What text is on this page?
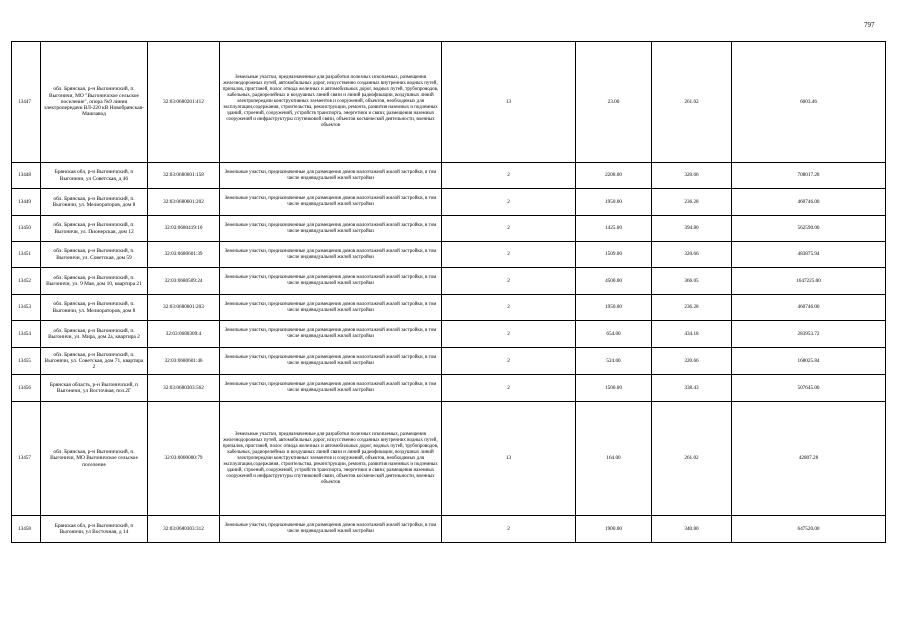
797
13447	обл. Брянская, р-н Выгоничский, п. Выгоничи, МО "Выгоничское сельское поселение", опора №9 линии электропередачи ВЛ-220 кВ Новобрянская-Машзавод	32:03:0680201:412	Земельные участки, предназначенные для разработки полезных ископаемых, размещения железнодорожных путей, автомобильных дорог, искусственно созданных внутренних водных путей, причалов, пристаней, полос отвода железных и автомобильных дорог, водных путей, трубопроводов, кабельных, радиорелейных и воздушных линий связи и линий радиофикации, воздушных линий электропередачи конструктивных элементов и сооружений, объектов, необходимых для эксплуатации,содержания, строительства, реконструкции, ремонта, развития наземных и подземных зданий, строений, сооружений, устройств транспорта, энергетики и связи; размещения наземных сооружений и инфраструктуры спутниковой связи, объектов космической деятельности, военных объектов	13	23.00	261.02	6003.46
13448	Брянская обл, р-н Выгоничский, п Выгоничи, ул Советская, д 46	32:03:0680601:158	Земельные участки, предназначенные для размещения домов малоэтажной жилой застройки, в том числе индивидуальной жилой застройки	2	2208.00	320.66	708017.28
13449	обл. Брянская, р-н Выгоничский, п. Выгоничи, ул. Мелиораторов, дом 8	32:03:0680601:202	Земельные участки, предназначенные для размещения домов малоэтажной жилой застройки, в том числе индивидуальной жилой застройки	2	1950.00	236.28	460746.00
13450	обл. Брянская, р-н Выгоничский, п. Выгоничи, ул. Пионерская, дом 12	32:03:0680419:10	Земельные участки, предназначенные для размещения домов малоэтажной жилой застройки, в том числе индивидуальной жилой застройки	2	1425.00	394.80	562590.00
13451	обл. Брянская, р-н Выгоничский, п. Выгоничи, ул. Советская, дом 59	32:03:0680601:39	Земельные участки, предназначенные для размещения домов малоэтажной жилой застройки, в том числе индивидуальной жилой застройки	2	1509.00	320.66	483875.94
13452	обл. Брянская, р-н Выгоничский, п. Выгоничи, ул. 9 Мая, дом 10, квартира 21	32:03:0680509:24	Земельные участки, предназначенные для размещения домов малоэтажной жилой застройки, в том числе индивидуальной жилой застройки	2	4500.00	366.05	1647225.00
13453	обл. Брянская, р-н Выгоничский, п. Выгоничи, ул. Мелиораторов, дом 8	32:03:0680601:203	Земельные участки, предназначенные для размещения домов малоэтажной жилой застройки, в том числе индивидуальной жилой застройки	2	1950.00	236.28	460746.00
13454	обл. Брянская, р-н Выгоничский, п. Выгоничи, ул. Мира, дом 2а, квартира 2	32:03:0680309:4	Земельные участки, предназначенные для размещения домов малоэтажной жилой застройки, в том числе индивидуальной жилой застройки	2	654.00	434.18	283953.72
13455	обл. Брянская, р-н Выгоничский, п. Выгоничи, ул. Советская, дом 71, квартира 2	32:03:0680601:46	Земельные участки, предназначенные для размещения домов малоэтажной жилой застройки, в том числе индивидуальной жилой застройки	2	524.00	320.66	168025.84
13456	Брянская область, р-н Выгоничский, п Выгоничи, ул Восточная, поз.2Г	32:03:0680303:562	Земельные участки, предназначенные для размещения домов малоэтажной жилой застройки, в том числе индивидуальной жилой застройки	2	1500.00	338.43	507645.00
13457	обл. Брянская, р-н Выгоничский, п. Выгоничи, МО Выгоничское сельское поселение	32:03:0000000:79	Земельные участки, предназначенные для разработки полезных ископаемых, размещения железнодорожных путей, автомобильных дорог, искусственно созданных внутренних водных путей, причалов, пристаней, полос отвода железных и автомобильных дорог, водных путей, трубопроводов, кабельных, радиорелейных и воздушных линий связи и линий радиофикации, воздушных линий электропередачи конструктивных элементов и сооружений, объектов, необходимых для эксплуатации,содержания, строительства, реконструкции, ремонта, развития наземных и подземных зданий, строений, сооружений, устройств транспорта, энергетики и связи; размещения наземных сооружений и инфраструктуры спутниковой связи, объектов космической деятельности, военных объектов	13	164.00	261.02	42807.28
13458	Брянская обл, р-н Выгоничский, п Выгоничи, ул Восточная, д 14	32:03:0680303:312	Земельные участки, предназначенные для размещения домов малоэтажной жилой застройки, в том числе индивидуальной жилой застройки	2	1900.00	340.80	647520.00
